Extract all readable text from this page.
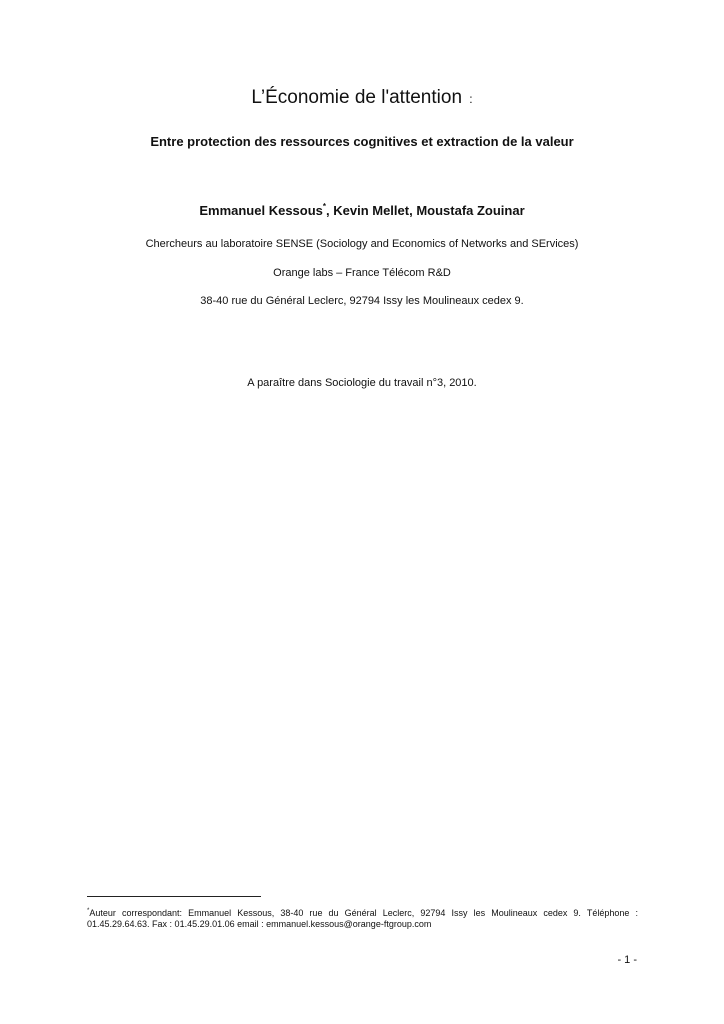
L’Économie de l'attention :
Entre protection des ressources cognitives et extraction de la valeur
Emmanuel Kessous*, Kevin Mellet, Moustafa Zouinar
Chercheurs au laboratoire SENSE (Sociology and Economics of Networks and SErvices)
Orange labs – France Télécom R&D
38-40 rue du Général Leclerc, 92794 Issy les Moulineaux cedex 9.
A paraître dans Sociologie du travail n°3, 2010.
*Auteur correspondant: Emmanuel Kessous, 38-40 rue du Général Leclerc, 92794 Issy les Moulineaux cedex 9. Téléphone :
01.45.29.64.63. Fax : 01.45.29.01.06 email : emmanuel.kessous@orange-ftgroup.com
- 1 -
